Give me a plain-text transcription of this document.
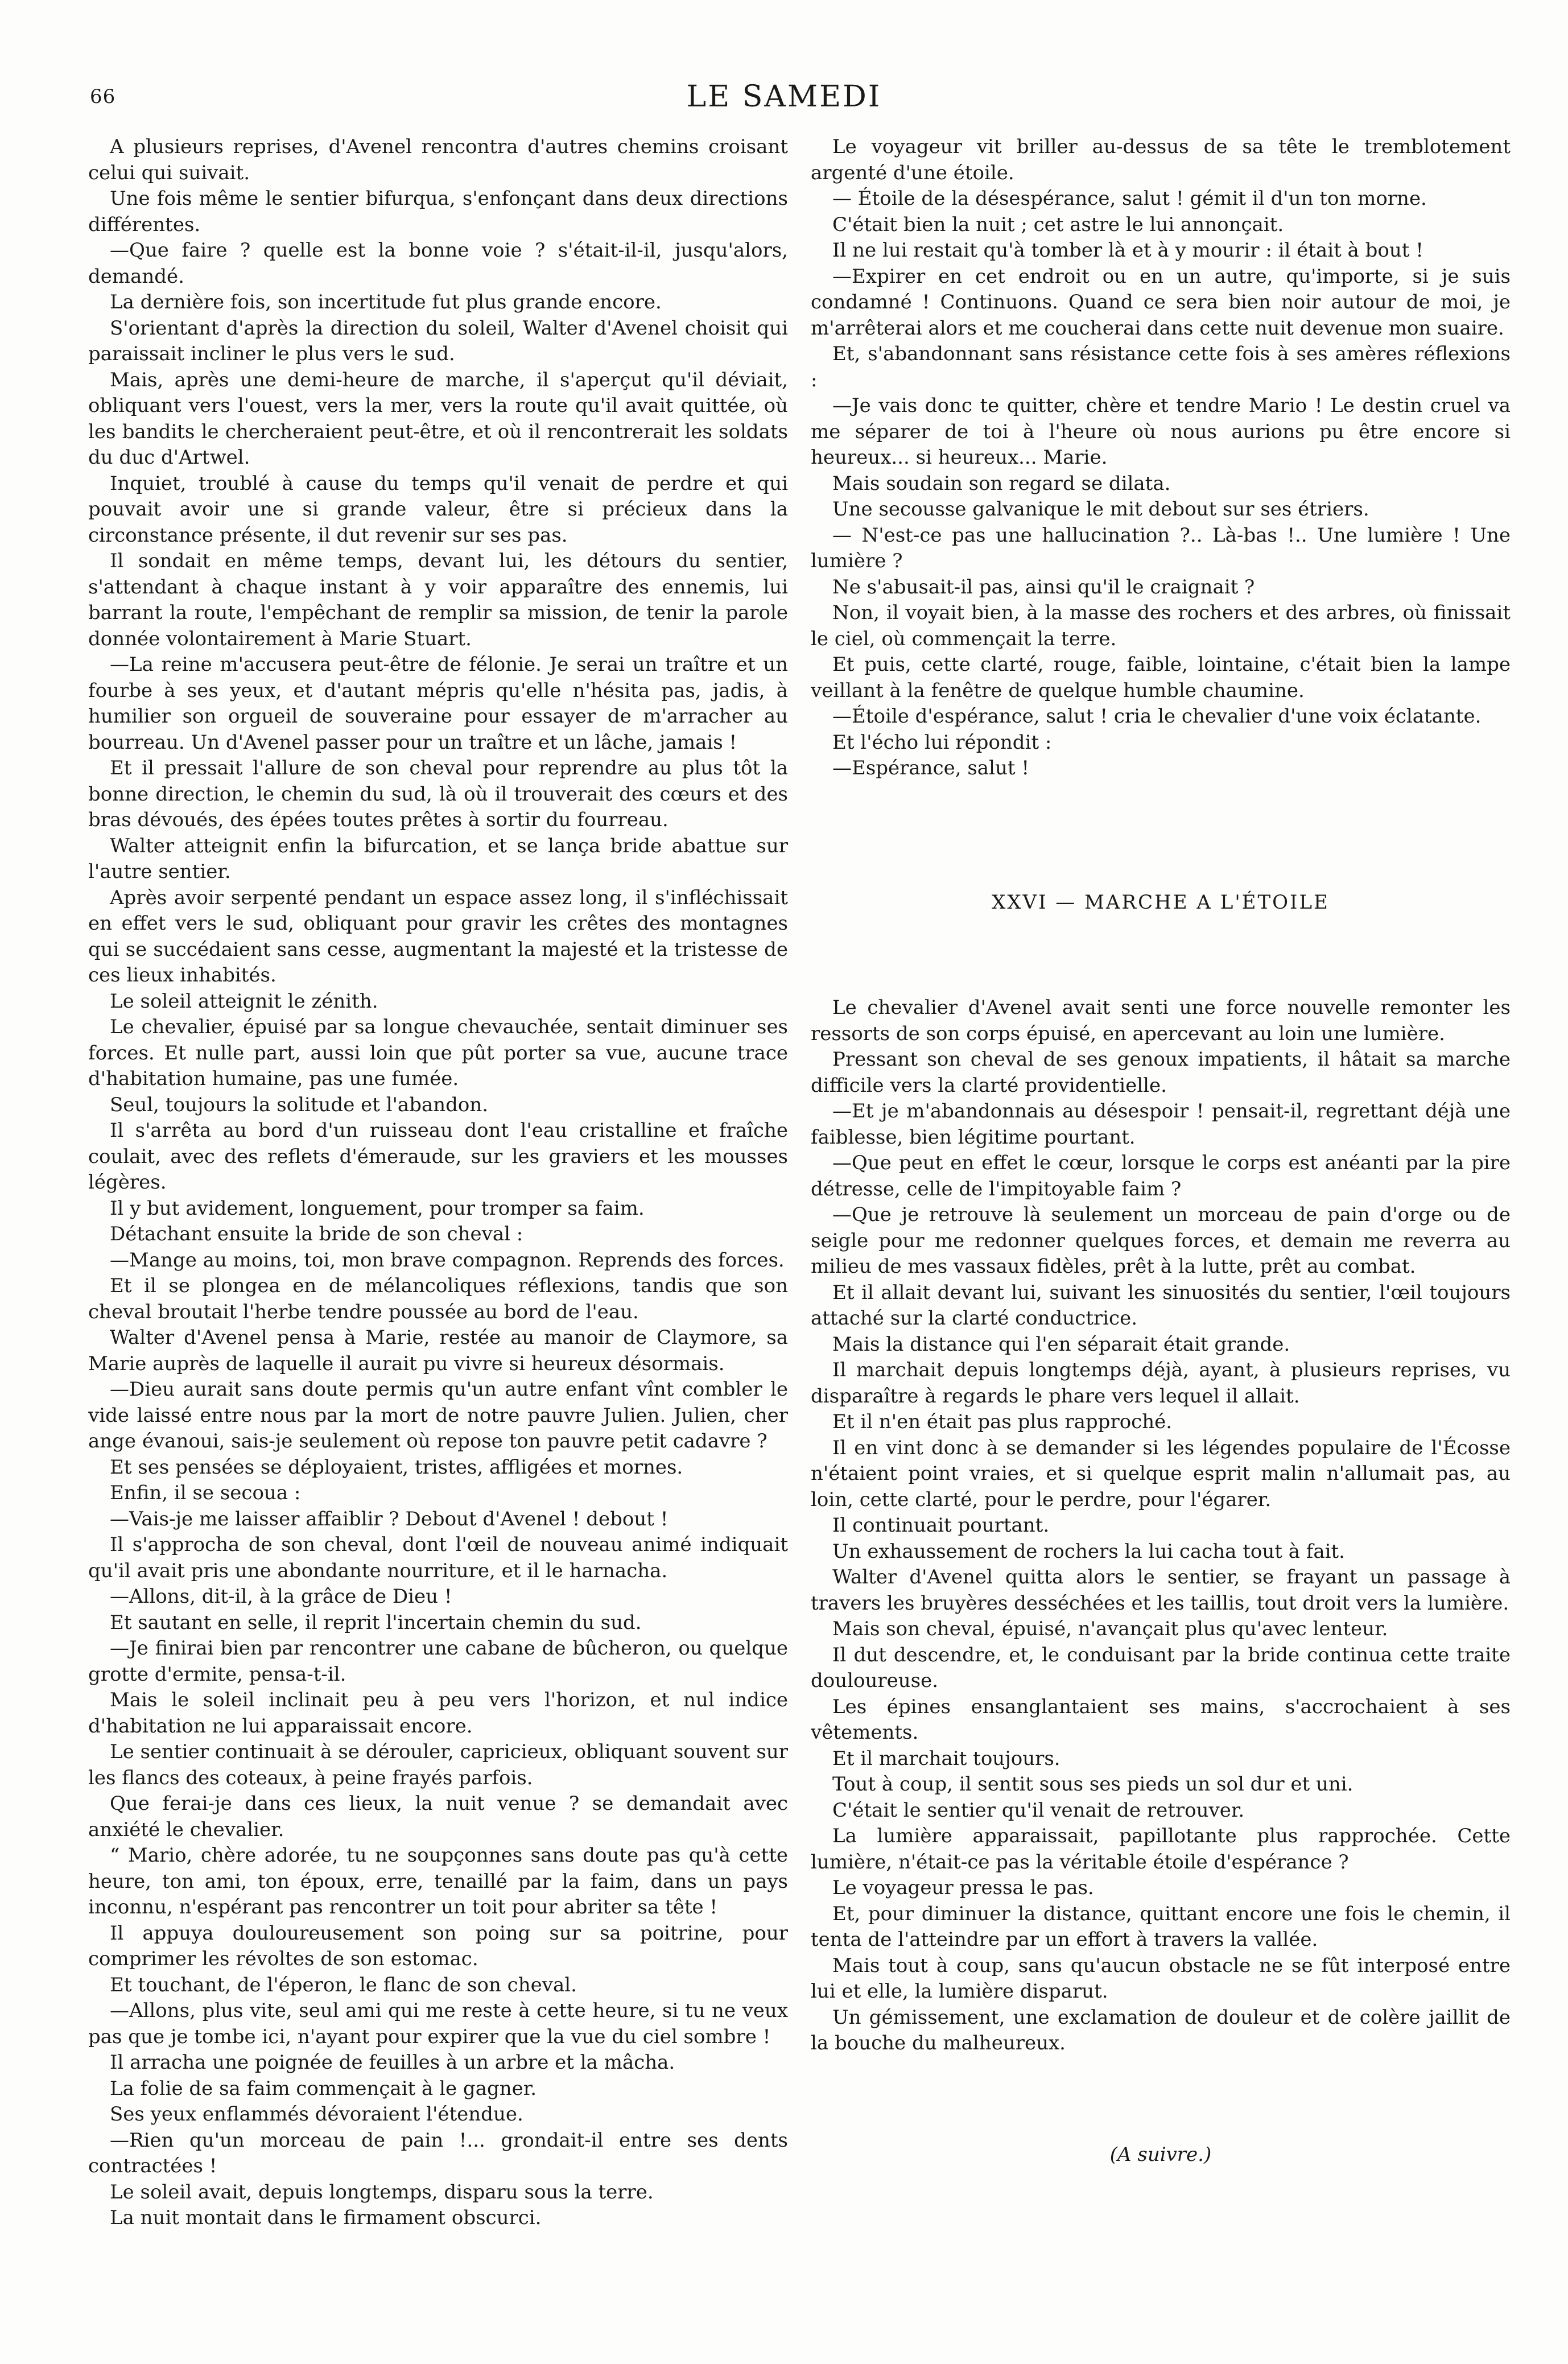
66	LE SAMEDI

A plusieurs reprises, d'Avenel rencontra d'autres chemins croisant celui qui suivait.

Une fois même le sentier bifurqua, s'enfonçant dans deux directions différentes.

—Que faire ? quelle est la bonne voie ? s'était-il-il, jusqu'alors, demandé.

La dernière fois, son incertitude fut plus grande encore.

S'orientant d'après la direction du soleil, Walter d'Avenel choisit qui paraissait incliner le plus vers le sud.

Mais, après une demi-heure de marche, il s'aperçut qu'il déviait, obliquant vers l'ouest, vers la mer, vers la route qu'il avait quittée, où les bandits le chercheraient peut-être, et où il rencontrerait les soldats du duc d'Artwel.

Inquiet, troublé à cause du temps qu'il venait de perdre et qui pouvait avoir une si grande valeur, être si précieux dans la circonstance présente, il dut revenir sur ses pas.

Il sondait en même temps, devant lui, les détours du sentier, s'attendant à chaque instant à y voir apparaître des ennemis, lui barrant la route, l'empêchant de remplir sa mission, de tenir la parole donnée volontairement à Marie Stuart.

—La reine m'accusera peut-être de félonie. Je serai un traître et un fourbe à ses yeux, et d'autant mépris qu'elle n'hésita pas, jadis, à humilier son orgueil de souveraine pour essayer de m'arracher au bourreau. Un d'Avenel passer pour un traître et un lâche, jamais !

Et il pressait l'allure de son cheval pour reprendre au plus tôt la bonne direction, le chemin du sud, là où il trouverait des cœurs et des bras dévoués, des épées toutes prêtes à sortir du fourreau.

Walter atteignit enfin la bifurcation, et se lança bride abattue sur l'autre sentier.

Après avoir serpenté pendant un espace assez long, il s'infléchissait en effet vers le sud, obliquant pour gravir les crêtes des montagnes qui se succédaient sans cesse, augmentant la majesté et la tristesse de ces lieux inhabités.

Le soleil atteignit le zénith.

Le chevalier, épuisé par sa longue chevauchée, sentait diminuer ses forces. Et nulle part, aussi loin que pût porter sa vue, aucune trace d'habitation humaine, pas une fumée.

Seul, toujours la solitude et l'abandon.

Il s'arrêta au bord d'un ruisseau dont l'eau cristalline et fraîche coulait, avec des reflets d'émeraude, sur les graviers et les mousses légères.

Il y but avidement, longuement, pour tromper sa faim.

Détachant ensuite la bride de son cheval :

—Mange au moins, toi, mon brave compagnon. Reprends des forces.

Et il se plongea en de mélancoliques réflexions, tandis que son cheval broutait l'herbe tendre poussée au bord de l'eau.

Walter d'Avenel pensa à Marie, restée au manoir de Claymore, sa Marie auprès de laquelle il aurait pu vivre si heureux désormais.

—Dieu aurait sans doute permis qu'un autre enfant vînt combler le vide laissé entre nous par la mort de notre pauvre Julien. Julien, cher ange évanoui, sais-je seulement où repose ton pauvre petit cadavre ?

Et ses pensées se déployaient, tristes, affligées et mornes.

Enfin, il se secoua :

—Vais-je me laisser affaiblir ? Debout d'Avenel ! debout !

Il s'approcha de son cheval, dont l'œil de nouveau animé indiquait qu'il avait pris une abondante nourriture, et il le harnacha.

—Allons, dit-il, à la grâce de Dieu !

Et sautant en selle, il reprit l'incertain chemin du sud.

—Je finirai bien par rencontrer une cabane de bûcheron, ou quelque grotte d'ermite, pensa-t-il.

Mais le soleil inclinait peu à peu vers l'horizon, et nul indice d'habitation ne lui apparaissait encore.

Le sentier continuait à se dérouler, capricieux, obliquant souvent sur les flancs des coteaux, à peine frayés parfois.

Que ferai-je dans ces lieux, la nuit venue ? se demandait avec anxiété le chevalier.

“ Mario, chère adorée, tu ne soupçonnes sans doute pas qu'à cette heure, ton ami, ton époux, erre, tenaillé par la faim, dans un pays inconnu, n'espérant pas rencontrer un toit pour abriter sa tête !

Il appuya douloureusement son poing sur sa poitrine, pour comprimer les révoltes de son estomac.

Et touchant, de l'éperon, le flanc de son cheval.

—Allons, plus vite, seul ami qui me reste à cette heure, si tu ne veux pas que je tombe ici, n'ayant pour expirer que la vue du ciel sombre !

Il arracha une poignée de feuilles à un arbre et la mâcha.

La folie de sa faim commençait à le gagner.

Ses yeux enflammés dévoraient l'étendue.

—Rien qu'un morceau de pain !... grondait-il entre ses dents contractées !

Le soleil avait, depuis longtemps, disparu sous la terre.

La nuit montait dans le firmament obscurci.

Le voyageur vit briller au-dessus de sa tête le tremblotement argenté d'une étoile.

— Étoile de la désespérance, salut ! gémit il d'un ton morne.

C'était bien la nuit ; cet astre le lui annonçait.

Il ne lui restait qu'à tomber là et à y mourir : il était à bout !

—Expirer en cet endroit ou en un autre, qu'importe, si je suis condamné ! Continuons. Quand ce sera bien noir autour de moi, je m'arrêterai alors et me coucherai dans cette nuit devenue mon suaire.

Et, s'abandonnant sans résistance cette fois à ses amères réflexions :

—Je vais donc te quitter, chère et tendre Mario ! Le destin cruel va me séparer de toi à l'heure où nous aurions pu être encore si heureux... si heureux... Marie.

Mais soudain son regard se dilata.

Une secousse galvanique le mit debout sur ses étriers.

— N'est-ce pas une hallucination ?.. Là-bas !.. Une lumière ! Une lumière ?

Ne s'abusait-il pas, ainsi qu'il le craignait ?

Non, il voyait bien, à la masse des rochers et des arbres, où finissait le ciel, où commençait la terre.

Et puis, cette clarté, rouge, faible, lointaine, c'était bien la lampe veillant à la fenêtre de quelque humble chaumine.

—Étoile d'espérance, salut ! cria le chevalier d'une voix éclatante.

Et l'écho lui répondit :

—Espérance, salut !

XXVI — MARCHE A L'ÉTOILE

Le chevalier d'Avenel avait senti une force nouvelle remonter les ressorts de son corps épuisé, en apercevant au loin une lumière.

Pressant son cheval de ses genoux impatients, il hâtait sa marche difficile vers la clarté providentielle.

—Et je m'abandonnais au désespoir ! pensait-il, regrettant déjà une faiblesse, bien légitime pourtant.

—Que peut en effet le cœur, lorsque le corps est anéanti par la pire détresse, celle de l'impitoyable faim ?

—Que je retrouve là seulement un morceau de pain d'orge ou de seigle pour me redonner quelques forces, et demain me reverra au milieu de mes vassaux fidèles, prêt à la lutte, prêt au combat.

Et il allait devant lui, suivant les sinuosités du sentier, l'œil toujours attaché sur la clarté conductrice.

Mais la distance qui l'en séparait était grande.

Il marchait depuis longtemps déjà, ayant, à plusieurs reprises, vu disparaître à regards le phare vers lequel il allait.

Et il n'en était pas plus rapproché.

Il en vint donc à se demander si les légendes populaire de l'Écosse n'étaient point vraies, et si quelque esprit malin n'allumait pas, au loin, cette clarté, pour le perdre, pour l'égarer.

Il continuait pourtant.

Un exhaussement de rochers la lui cacha tout à fait.

Walter d'Avenel quitta alors le sentier, se frayant un passage à travers les bruyères desséchées et les taillis, tout droit vers la lumière.

Mais son cheval, épuisé, n'avançait plus qu'avec lenteur.

Il dut descendre, et, le conduisant par la bride continua cette traite douloureuse.

Les épines ensanglantaient ses mains, s'accrochaient à ses vêtements.

Et il marchait toujours.

Tout à coup, il sentit sous ses pieds un sol dur et uni.

C'était le sentier qu'il venait de retrouver.

La lumière apparaissait, papillotante plus rapprochée. Cette lumière, n'était-ce pas la véritable étoile d'espérance ?

Le voyageur pressa le pas.

Et, pour diminuer la distance, quittant encore une fois le chemin, il tenta de l'atteindre par un effort à travers la vallée.

Mais tout à coup, sans qu'aucun obstacle ne se fût interposé entre lui et elle, la lumière disparut.

Un gémissement, une exclamation de douleur et de colère jaillit de la bouche du malheureux.

(A suivre.)
